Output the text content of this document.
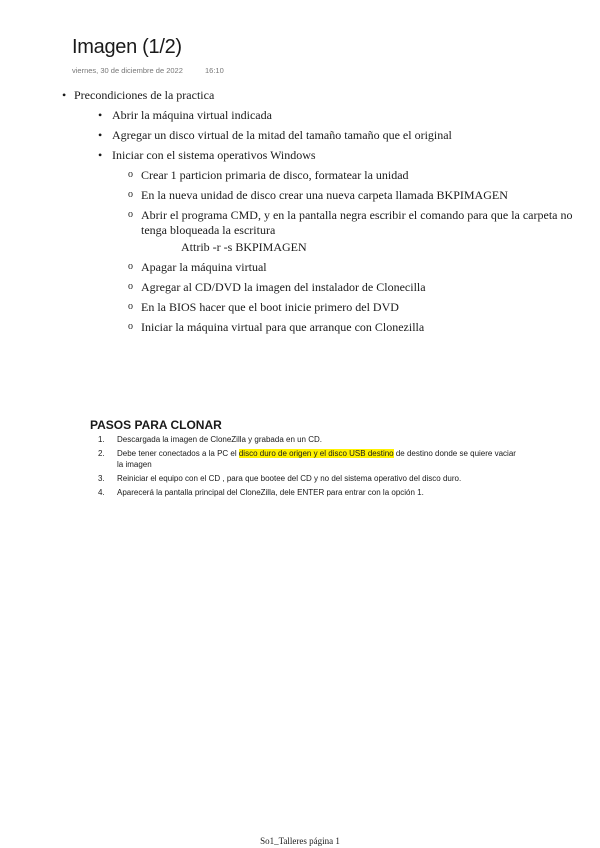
Imagen (1/2)
viernes, 30 de diciembre de 2022	16:10
• Precondiciones de la practica
• Abrir la máquina virtual indicada
• Agregar un disco virtual de la mitad del tamaño tamaño que el original
• Iniciar con el sistema operativos Windows
o Crear 1 particion primaria de disco, formatear la unidad
o En la nueva unidad de disco crear una nueva carpeta llamada BKPIMAGEN
o Abrir el programa CMD, y en la pantalla negra escribir el comando para que la carpeta no tenga bloqueada la escritura
Attrib -r -s BKPIMAGEN
o Apagar la máquina virtual
o Agregar al CD/DVD la imagen del instalador de Clonecilla
o En la BIOS hacer que el boot inicie primero del DVD
o Iniciar la máquina virtual para que arranque con Clonezilla
PASOS PARA CLONAR
1. Descargada la imagen de CloneZilla y grabada en un CD.
2. Debe tener conectados a la PC el disco duro de origen y el disco USB destino de destino donde se quiere vaciar la imagen
3. Reiniciar el equipo con el CD , para que bootee del CD y no del sistema operativo del disco duro.
4. Aparecerá la pantalla principal del CloneZilla, dele ENTER para entrar con la opción 1.
So1_Talleres página 1
